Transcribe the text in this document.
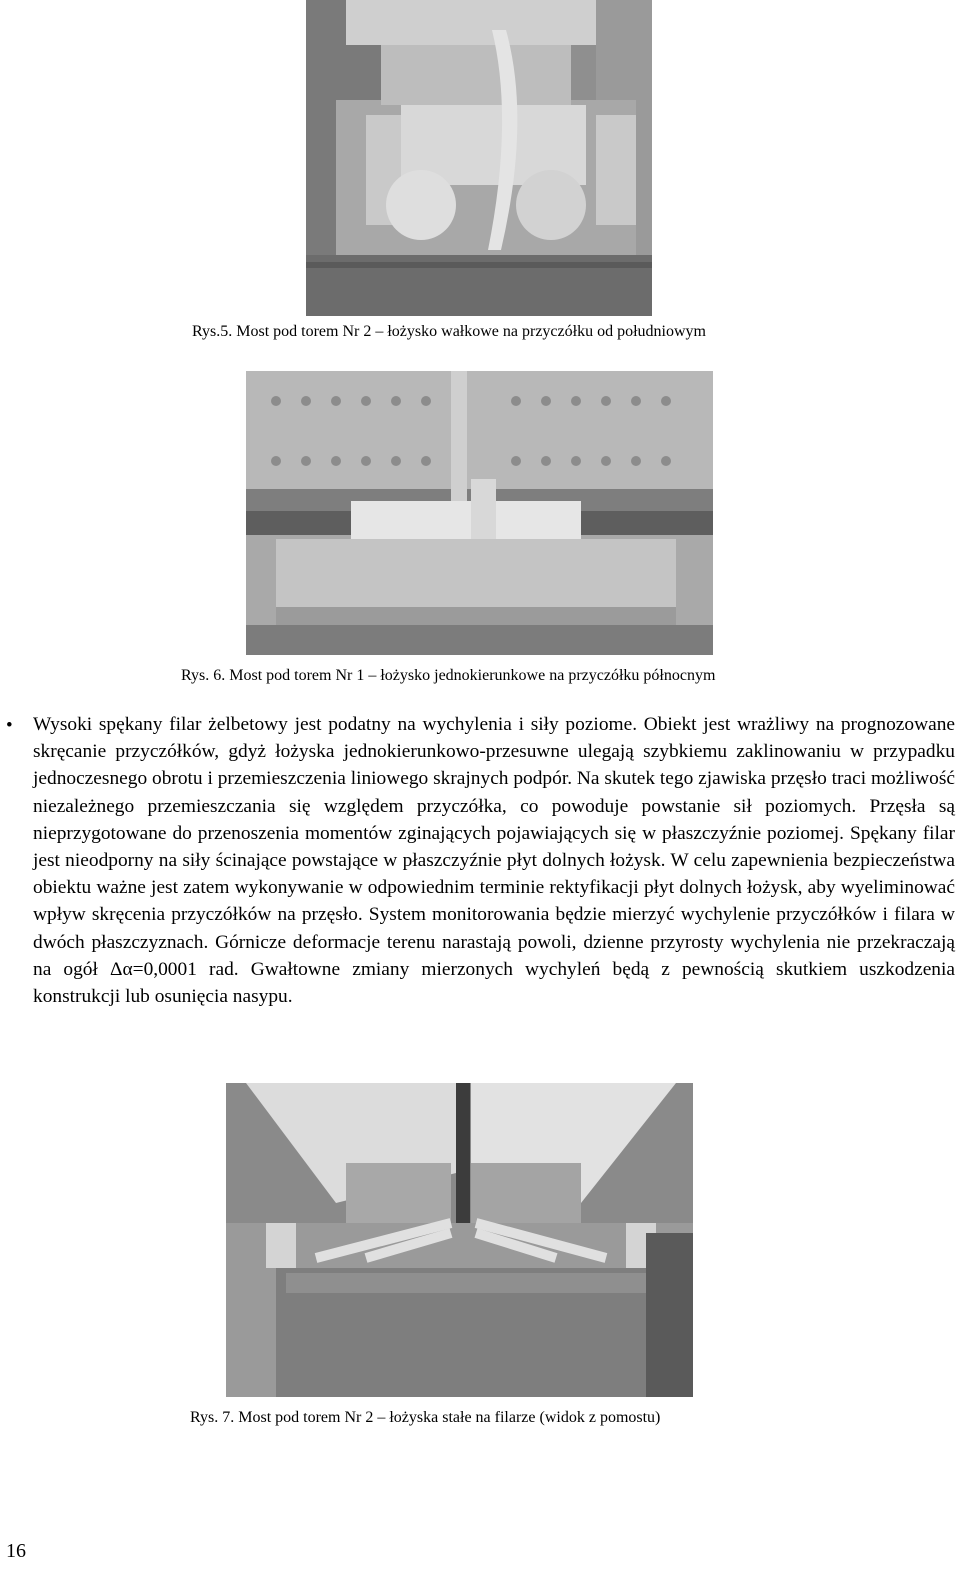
Rys.5. Most pod torem Nr 2 – łożysko wałkowe na przyczółku od południowym
Rys. 6. Most pod torem Nr 1 – łożysko jednokierunkowe na przyczółku północnym
• Wysoki spękany filar żelbetowy jest podatny na wychylenia i siły poziome. Obiekt jest wrażliwy na prognozowane skręcanie przyczółków, gdyż łożyska jednokierunkowo-przesuwne ulegają szybkiemu zaklinowaniu w przypadku jednoczesnego obrotu i przemieszczenia liniowego skrajnych podpór. Na skutek tego zjawiska przęsło traci możliwość niezależnego przemieszczania się względem przyczółka, co powoduje powstanie sił poziomych. Przęsła są nieprzygotowane do przenoszenia momentów zginających pojawiających się w płaszczyźnie poziomej. Spękany filar jest nieodporny na siły ścinające powstające w płaszczyźnie płyt dolnych łożysk. W celu zapewnienia bezpieczeństwa obiektu ważne jest zatem wykonywanie w odpowiednim terminie rektyfikacji płyt dolnych łożysk, aby wyeliminować wpływ skręcenia przyczółków na przęsło. System monitorowania będzie mierzyć wychylenie przyczółków i filara w dwóch płaszczyznach. Górnicze deformacje terenu narastają powoli, dzienne przyrosty wychylenia nie przekraczają na ogół Δα=0,0001 rad. Gwałtowne zmiany mierzonych wychyleń będą z pewnością skutkiem uszkodzenia konstrukcji lub osunięcia nasypu.
Rys. 7. Most pod torem Nr 2 – łożyska stałe na filarze (widok z pomostu)
16
